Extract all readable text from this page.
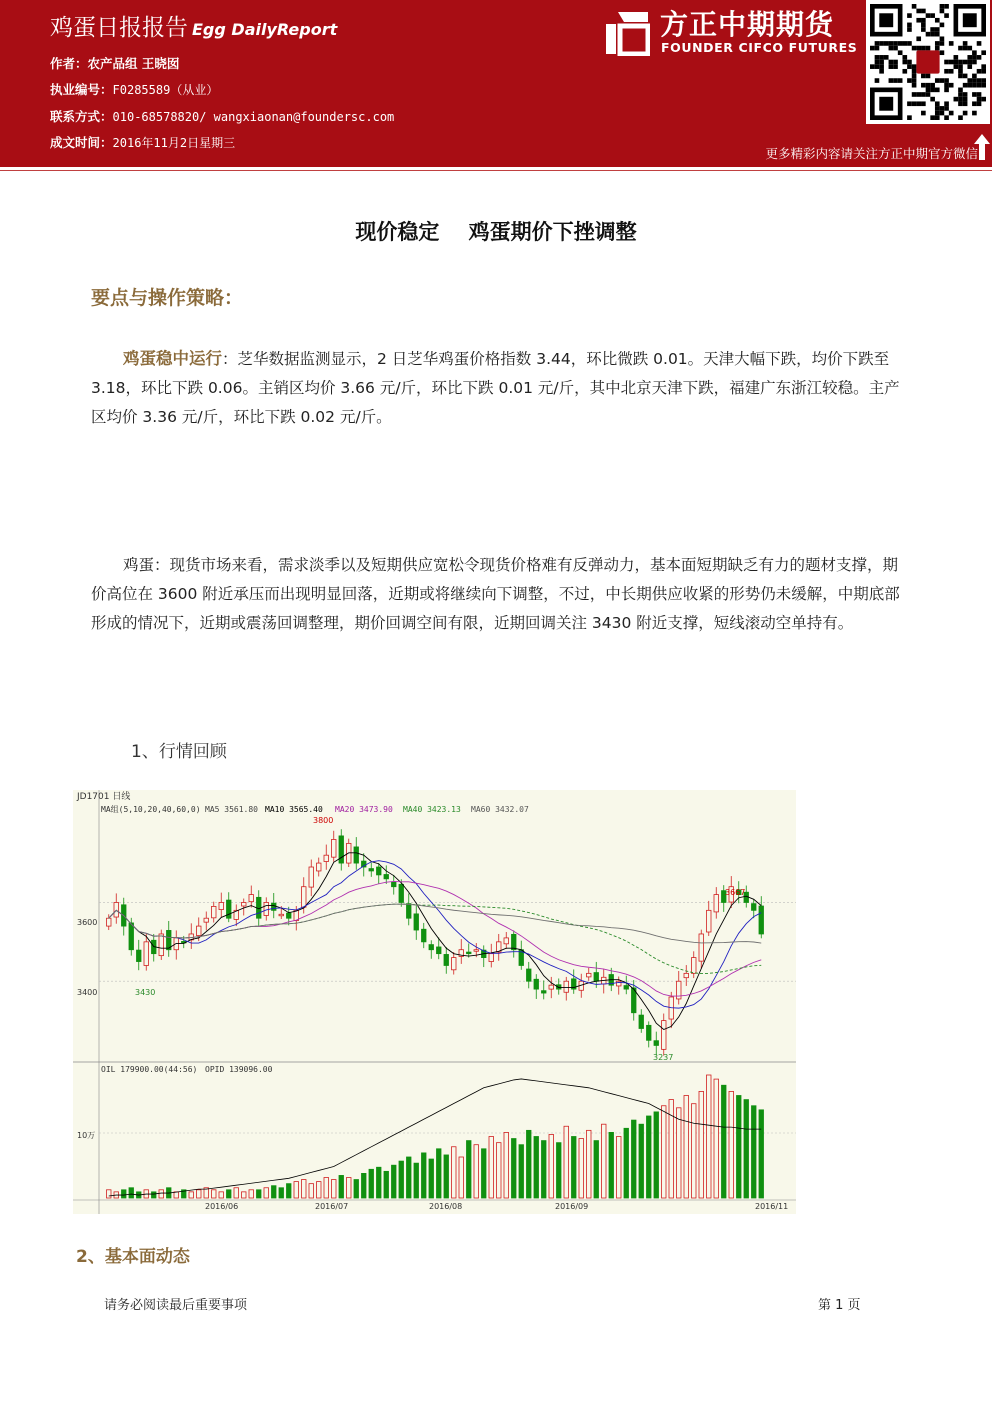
鸡蛋日报报告 Egg DailyReport
作者：农产品组 王晓囡
执业编号：F0285589（从业）
联系方式：010-68578820/ wangxiaonan@foundersc.com
成文时间：2016年11月2日星期三
方正中期期货
FOUNDER CIFCO FUTURES
更多精彩内容请关注方正中期官方微信
现价稳定    鸡蛋期价下挫调整
要点与操作策略：
鸡蛋稳中运行：芝华数据监测显示，2 日芝华鸡蛋价格指数 3.44，环比微跌 0.01。天津大幅下跌，均价下跌至 3.18，环比下跌 0.06。主销区均价 3.66 元/斤，环比下跌 0.01 元/斤，其中北京天津下跌，福建广东浙江较稳。主产区均价 3.36 元/斤，环比下跌 0.02 元/斤。
鸡蛋：现货市场来看，需求淡季以及短期供应宽松令现货价格难有反弹动力，基本面短期缺乏有力的题材支撑，期价高位在 3600 附近承压而出现明显回落，近期或将继续向下调整，不过，中长期供应收紧的形势仍未缓解，中期底部形成的情况下，近期或震荡回调整理，期价回调空间有限，近期回调关注 3430 附近支撑，短线滚动空单持有。
1、行情回顾
JD1701 日线
MA组(5,10,20,40,60,0) MA5 3561.80 MA10 3565.40 MA20 3473.90 MA40 3423.13 MA60 3432.07
3600
3400
3800
3667
3430
3237
OIL 179900.00(44:56) OPID 139096.00
10万
2016/06	2016/07	2016/08	2016/09	2016/11
2、基本面动态
请务必阅读最后重要事项	第 1 页
